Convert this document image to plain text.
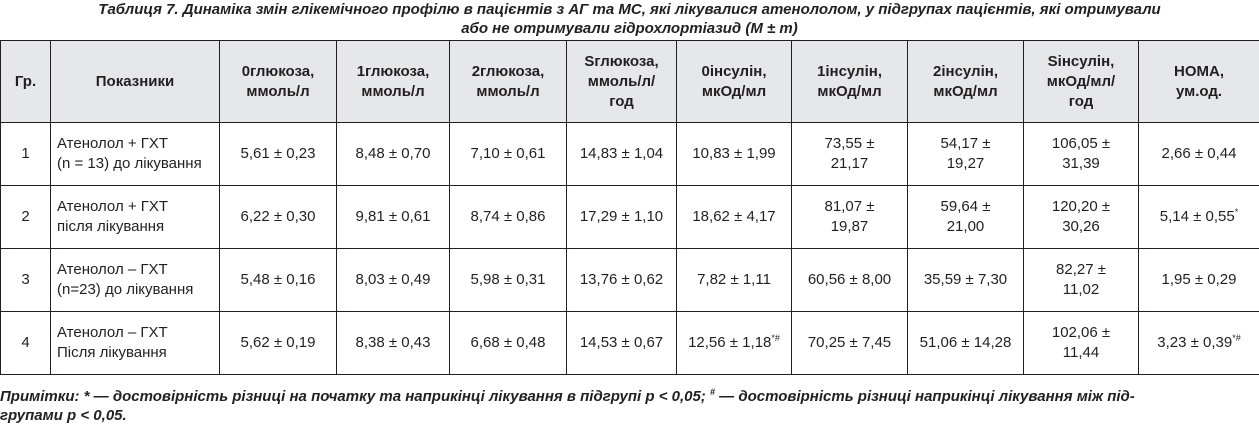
Таблиця 7. Динаміка змін глікемічного профілю в пацієнтів з АГ та МС, які лікувалися атенололом, у підгрупах пацієнтів, які отримували
або не отримували гідрохлортіазид (М ± m)
Гр.	Показники	0глюкоза,
ммоль/л	1глюкоза,
ммоль/л	2глюкоза,
ммоль/л	Sглюкоза,
ммоль/л/
год	0інсулін,
мкОд/мл	1інсулін,
мкОд/мл	2інсулін,
мкОд/мл	Sінсулін,
мкОд/мл/
год	HOMA,
ум.од.
1	Атенолол + ГХТ
(n = 13) до лікування	5,61 ± 0,23	8,48 ± 0,70	7,10 ± 0,61	14,83 ± 1,04	10,83 ± 1,99	73,55 ±
21,17	54,17 ±
19,27	106,05 ±
31,39	2,66 ± 0,44
2	Атенолол + ГХТ
після лікування	6,22 ± 0,30	9,81 ± 0,61	8,74 ± 0,86	17,29 ± 1,10	18,62 ± 4,17	81,07 ±
19,87	59,64 ±
21,00	120,20 ±
30,26	5,14 ± 0,55*
3	Атенолол – ГХТ
(n=23) до лікування	5,48 ± 0,16	8,03 ± 0,49	5,98 ± 0,31	13,76 ± 0,62	7,82 ± 1,11	60,56 ± 8,00	35,59 ± 7,30	82,27 ±
11,02	1,95 ± 0,29
4	Атенолол – ГХТ
Після лікування	5,62 ± 0,19	8,38 ± 0,43	6,68 ± 0,48	14,53 ± 0,67	12,56 ± 1,18*#	70,25 ± 7,45	51,06 ± 14,28	102,06 ±
11,44	3,23 ± 0,39*#
Примітки: * — достовірність різниці на початку та наприкінці лікування в підгрупі р < 0,05; # — достовірність різниці наприкінці лікування між під-
групами р < 0,05.
